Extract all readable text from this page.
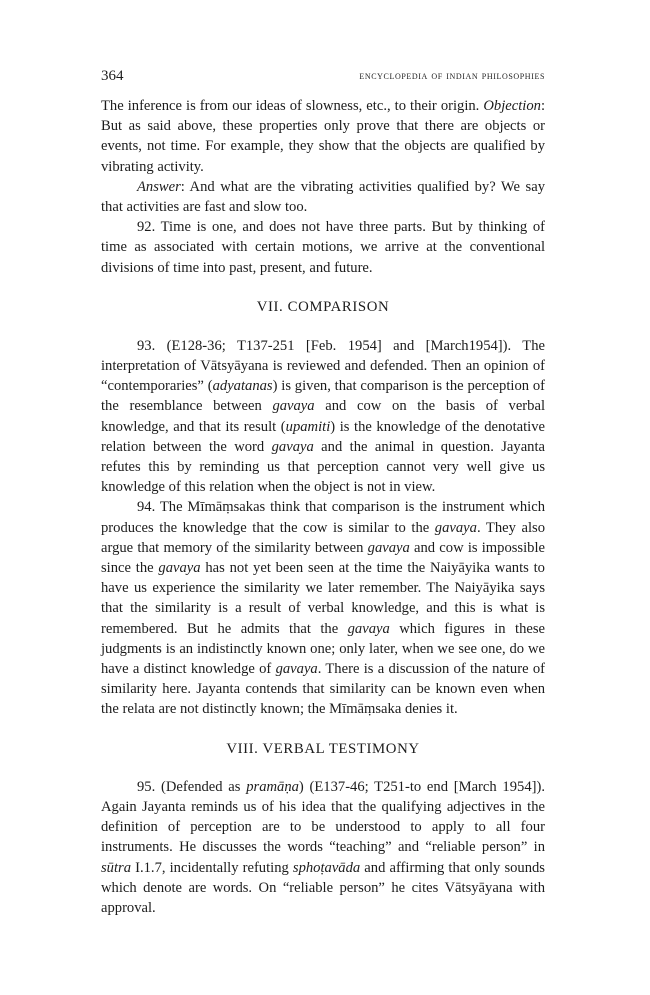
364	encyclopedia of indian philosophies

The inference is from our ideas of slowness, etc., to their origin. Objection: But as said above, these properties only prove that there are objects or events, not time. For example, they show that the objects are qualified by vibrating activity.

Answer: And what are the vibrating activities qualified by? We say that activities are fast and slow too.

92. Time is one, and does not have three parts. But by thinking of time as associated with certain motions, we arrive at the conventional divisions of time into past, present, and future.

VII. COMPARISON

93. (E128-36; T137-251 [Feb. 1954] and [March1954]). The interpretation of Vātsyāyana is reviewed and defended. Then an opinion of “contemporaries” (adyatanas) is given, that comparison is the perception of the resemblance between gavaya and cow on the basis of verbal knowledge, and that its result (upamiti) is the knowledge of the denotative relation between the word gavaya and the animal in question. Jayanta refutes this by reminding us that perception cannot very well give us knowledge of this relation when the object is not in view.

94. The Mīmāṃsakas think that comparison is the instrument which produces the knowledge that the cow is similar to the gavaya. They also argue that memory of the similarity between gavaya and cow is impossible since the gavaya has not yet been seen at the time the Naiyāyika wants to have us experience the similarity we later remember. The Naiyāyika says that the similarity is a result of verbal knowledge, and this is what is remembered. But he admits that the gavaya which figures in these judgments is an indistinctly known one; only later, when we see one, do we have a distinct knowledge of gavaya. There is a discussion of the nature of similarity here. Jayanta contends that similarity can be known even when the relata are not distinctly known; the Mīmāṃsaka denies it.

VIII. VERBAL TESTIMONY

95. (Defended as pramāṇa) (E137-46; T251-to end [March 1954]). Again Jayanta reminds us of his idea that the qualifying adjectives in the definition of perception are to be understood to apply to all four instruments. He discusses the words “teaching” and “reliable person” in sūtra I.1.7, incidentally refuting sphoṭavāda and affirming that only sounds which denote are words. On “reliable person” he cites Vātsyāyana with approval.
